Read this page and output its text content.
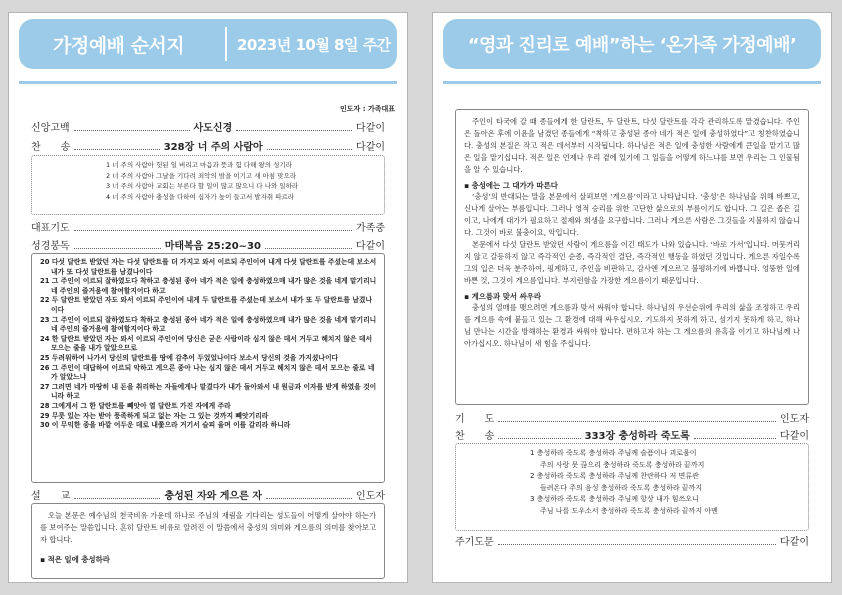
가정예배 순서지	2023년 10월 8일 주간
인도자 : 가족대표
신앙고백	사도신경	다같이
찬　　송	328장 너 주의 사람아	다같이
1 너 주의 사람아 헛된 일 버리고 마음과 뜻과 힘 다해 왕의 성기라
2 너 주의 사람아 그날을 기다려 죄악의 밤을 이기고 새 아침 맞으라
3 너 주의 사람아 교회는 부른다 할 일이 많고 많으니 다 나와 일하라
4 너 주의 사람아 충성을 다하여 십자가 높이 들고서 발자취 따르라
대표기도	가족중
성경봉독	마태복음 25:20~30	다같이
20 다섯 달란트 받았던 자는 다섯 달란트를 더 가지고 와서 이르되 주인이여 내게 다섯 달란트를 주셨는데 보소서 내가 또 다섯 달란트를 남겼나이다
21 그 주인이 이르되 잘하였도다 착하고 충성된 종아 네가 적은 일에 충성하였으매 내가 많은 것을 네게 맡기리니 네 주인의 즐거움에 참여할지어다 하고
22 두 달란트 받았던 자도 와서 이르되 주인이여 내게 두 달란트를 주셨는데 보소서 내가 또 두 달란트를 남겼나이다
23 그 주인이 이르되 잘하였도다 착하고 충성된 종아 네가 적은 일에 충성하였으매 내가 많은 것을 네게 맡기리니 네 주인의 즐거움에 참여할지어다 하고
24 한 달란트 받았던 자는 와서 이르되 주인이여 당신은 굳은 사람이라 심지 않은 데서 거두고 헤치지 않은 데서 모으는 줄을 내가 알았으므로
25 두려워하여 나가서 당신의 달란트를 땅에 감추어 두었었나이다 보소서 당신의 것을 가지셨나이다
26 그 주인이 대답하여 이르되 악하고 게으른 종아 나는 심지 않은 데서 거두고 헤치지 않은 데서 모으는 줄로 네가 알았느냐
27 그러면 네가 마땅히 내 돈을 취리하는 자들에게나 맡겼다가 내가 돌아와서 내 원금과 이자를 받게 하였을 것이니라 하고
28 그에게서 그 한 달란트를 빼앗아 열 달란트 가진 자에게 주라
29 무릇 있는 자는 받아 풍족하게 되고 없는 자는 그 있는 것까지 빼앗기리라
30 이 무익한 종을 바깥 어두운 데로 내쫓으라 거기서 슬피 울며 이를 갈리라 하니라
설　　교	충성된 자와 게으른 자	인도자
오늘 본문은 예수님의 천국비유 가운데 하나로 주님의 재림을 기다리는 성도들이 어떻게 살아야 하는가를 보여주는 말씀입니다. 흔히 달란트 비유로 알려진 이 말씀에서 충성의 의미와 게으름의 의미를 찾아보고자 합니다.
▪ 적은 일에 충성하라
“영과 진리로 예배”하는 ‘온가족 가정예배’
주인이 타국에 갈 때 종들에게 한 달란트, 두 달란트, 다섯 달란트를 각각 관리하도록 맡겼습니다. 주인은 돌아온 후에 이윤을 남겼던 종들에게 “착하고 충성된 종아 네가 적은 일에 충성하였다”고 칭찬하였습니다. 충성의 본질은 작고 적은 데서부터 시작됩니다. 하나님은 적은 일에 충성한 사람에게 큰일을 맡기고 많은 일을 맡기십니다. 적은 일은 언제나 우리 곁에 있기에 그 일들을 어떻게 하느냐를 보면 우리는 그 인물됨을 알 수 있습니다.
▪ 충성에는 그 대가가 따른다
‘충성’의 반대되는 말을 본문에서 살펴보면 ‘게으름’이라고 나타납니다. ‘충성’은 하나님을 위해 바쁘고, 신나게 살아는 부름입니다. 그러나 영적 승리를 위한 고단한 삶으로의 부름이기도 합니다. 그 길은 좁은 길이고, 나에게 대가가 필요하고 절제와 희생을 요구합니다. 그러나 게으른 사람은 그것들을 지불하지 않습니다. 그것이 바로 불충이요, 악입니다.
본문에서 다섯 달란트 받았던 사람이 게으름을 이긴 태도가 나와 있습니다. ‘바로 가서’입니다. 머뭇거리지 않고 갈등하지 않고 즉각적인 순종, 즉각적인 결단, 즉각적인 행동을 하였던 것입니다. 게으른 자일수록 그의 입은 더욱 분주하여, 핑계하고, 주인을 비판하고, 감사엔 게으르고 불평하기에 바쁩니다. 엉뚱한 일에 바쁜 것, 그것이 게으름입니다. 부지런함을 가장한 게으름이기 때문입니다.
▪ 게으름과 맞서 싸우라
충성의 열매를 맺으려면 게으름과 맞서 싸워야 합니다. 하나님의 우선순위에 우리의 삶을 조정하고 우리를 게으름 속에 붙들고 있는 그 환경에 대해 싸우십시오. 기도하지 못하게 하고, 섬기지 못하게 하고, 하나님 만나는 시간을 방해하는 환경과 싸워야 합니다. 편하고자 하는 그 게으름의 유혹을 이기고 하나님께 나아가십시오. 하나님이 새 힘을 주십니다.
기　　도	인도자
찬　　송	333장 충성하라 죽도록	다같이
1 충성하라 죽도록 충성하라 주님께 슬픔이나 괴로움이
주의 사랑 못 끊으리 충성하라 죽도록 충성하라 끝까지
2 충성하라 죽도록 충성하라 주님께 찬란하다 저 면류관
들려온다 주의 음성 충성하라 죽도록 충성하라 끝까지
3 충성하라 죽도록 충성하라 주님께 항상 내가 힘쓰오니
주님 나를 도우소서 충성하라 죽도록 충성하라 끝까지 아멘
주기도문	다같이
